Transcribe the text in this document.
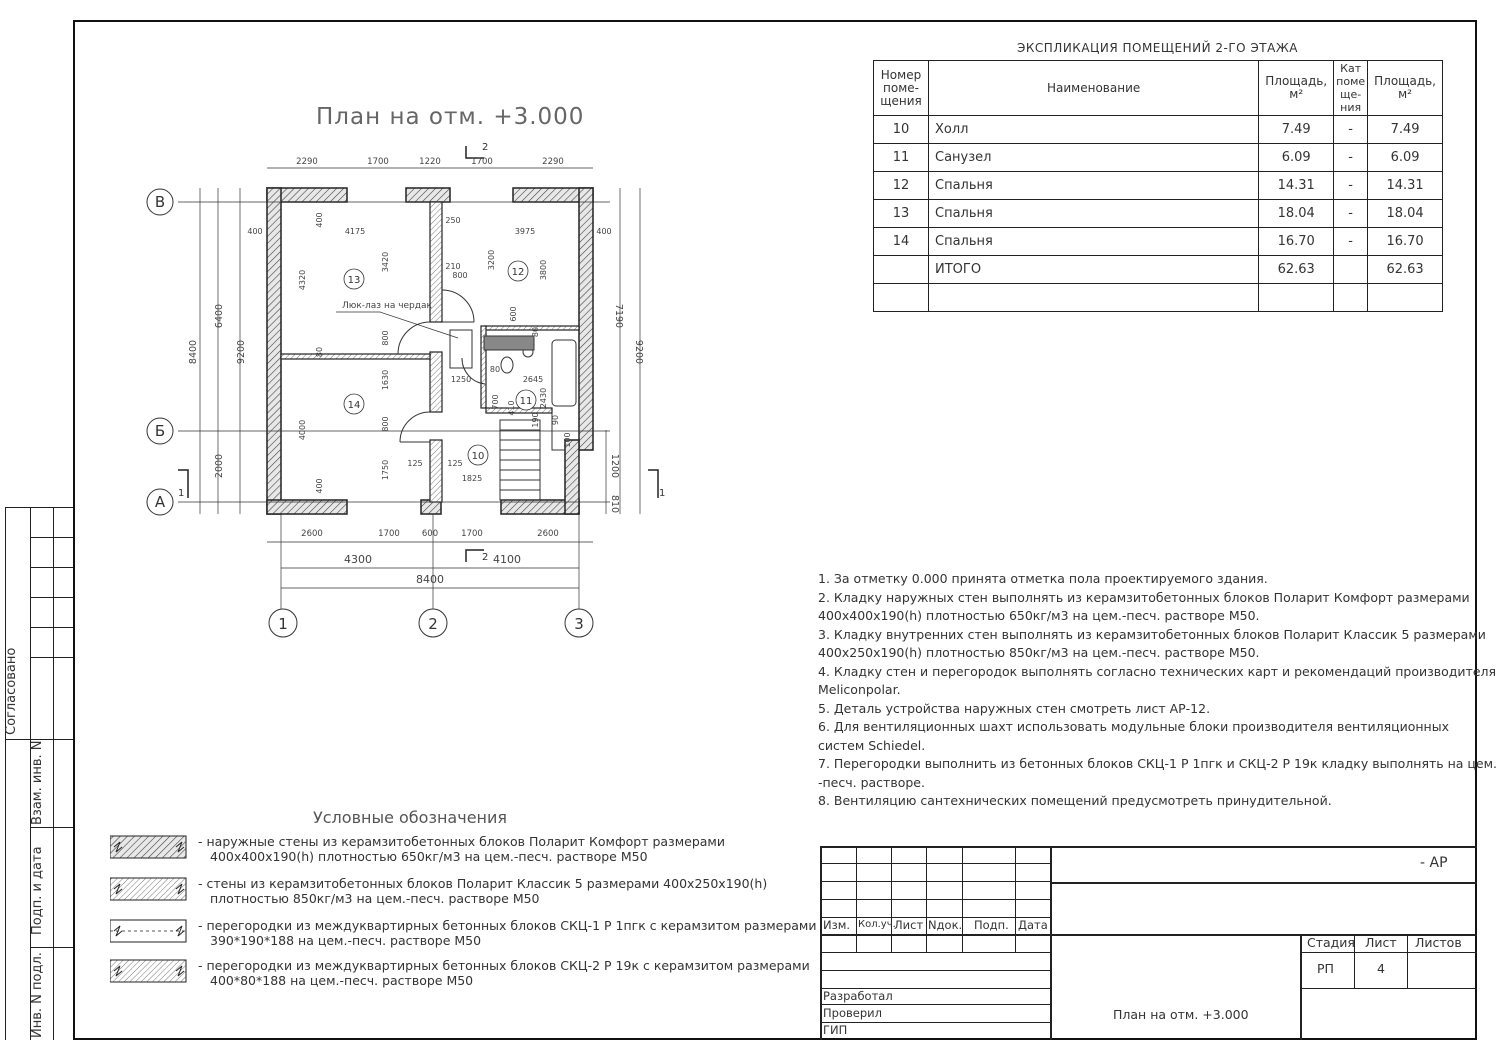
Согласовано
Взам. инв. N
Подп. и дата
Инв. N подл.
План на отм. +3.000
В
Б
А
1	2	3
2
2
1	1
2290	1700	1220	1700	2290
2600	1700	600	1700	2600
4300	4100
8400
8400
6400
9200
2000
7190
9200
1200
810
4175	3975
400	400
250
4320
3420	3200	3800
210
800
600
800
80
80
1250
80
2645
1630
700 410	2430
190 90
800
4000
125	125
1750	1825
100
400
400
13
12
14	11
10
Люк-лаз на чердак
ЭКСПЛИКАЦИЯ ПОМЕЩЕНИЙ 2-ГО ЭТАЖА
Номер поме- щения	Наименование	Площадь, м²	Кат поме ще- ния	Площадь, м²
10	Холл	7.49	-	7.49
11	Санузел	6.09	-	6.09
12	Спальня	14.31	-	14.31
13	Спальня	18.04	-	18.04
14	Спальня	16.70	-	16.70
	ИТОГО	62.63		62.63

1. За отметку 0.000 принята отметка пола проектируемого здания.
2. Кладку наружных стен выполнять из керамзитобетонных блоков Поларит Комфорт размерами
400х400х190(h) плотностью 650кг/м3 на цем.-песч. растворе М50.
3. Кладку внутренних стен выполнять из керамзитобетонных блоков Поларит Классик 5 размерами
400х250х190(h) плотностью 850кг/м3 на цем.-песч. растворе М50.
4. Кладку стен и перегородок выполнять согласно технических карт и рекомендаций производителя
Meliconpolar.
5. Деталь устройства наружных стен смотреть лист АР-12.
6. Для вентиляционных шахт использовать модульные блоки производителя вентиляционных
систем Schiedel.
7. Перегородки выполнить из бетонных блоков СКЦ-1 Р 1пгк и СКЦ-2 Р 19к кладку выполнять на цем.
-песч. растворе.
8. Вентиляцию сантехнических помещений предусмотреть принудительной.
Условные обозначения
- наружные стены из керамзитобетонных блоков Поларит Комфорт размерами
400х400х190(h) плотностью 650кг/м3 на цем.-песч. растворе М50
- стены из керамзитобетонных блоков Поларит Классик 5 размерами 400х250х190(h)
плотностью 850кг/м3 на цем.-песч. растворе М50
- перегородки из междуквартирных бетонных блоков СКЦ-1 Р 1пгк с керамзитом размерами
390*190*188 на цем.-песч. растворе М50
- перегородки из междуквартирных бетонных блоков СКЦ-2 Р 19к с керамзитом размерами
400*80*188 на цем.-песч. растворе М50
- АР
Изм. Кол.уч.
Лист Nдок. Подп. Дата
Разработал
Проверил
ГИП
Стадия Лист Листов
РП	4
План на отм. +3.000
